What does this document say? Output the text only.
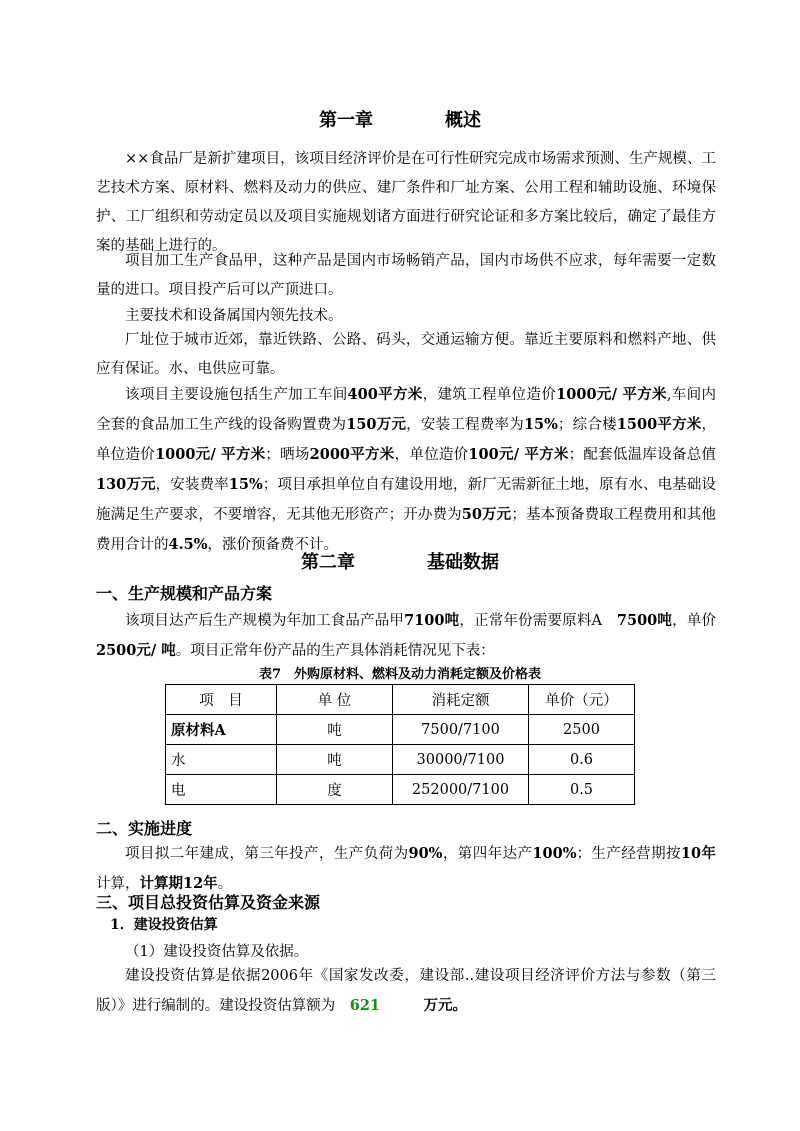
第一章　　　　	概述
××食品厂是新扩建项目，该项目经济评价是在可行性研究完成市场需求预测、生产规模、工艺技术方案、原材料、燃料及动力的供应、建厂条件和厂址方案、公用工程和辅助设施、环境保护、工厂组织和劳动定员以及项目实施规划诸方面进行研究论证和多方案比较后，确定了最佳方案的基础上进行的。
项目加工生产食品甲，这种产品是国内市场畅销产品，国内市场供不应求，每年需要一定数量的进口。项目投产后可以产顶进口。
主要技术和设备属国内领先技术。
厂址位于城市近郊，靠近铁路、公路、码头，交通运输方便。靠近主要原料和燃料产地、供应有保证。水、电供应可靠。
该项目主要设施包括生产加工车间400平方米，建筑工程单位造价1000元/ 平方米,车间内全套的食品加工生产线的设备购置费为150万元，安装工程费率为15%；综合楼1500平方米，单位造价1000元/ 平方米；晒场2000平方米，单位造价100元/ 平方米；配套低温库设备总值130万元，安装费率15%；项目承担单位自有建设用地，新厂无需新征土地，原有水、电基础设施满足生产要求，不要增容，无其他无形资产；开办费为50万元；基本预备费取工程费用和其他费用合计的4.5%，涨价预备费不计。
第二章　　　　	基础数据
一、生产规模和产品方案
该项目达产后生产规模为年加工食品产品甲7100吨，正常年份需要原料A　7500吨，单价2500元/ 吨。项目正常年份产品的生产具体消耗情况见下表：
表7　外购原材料、燃料及动力消耗定额及价格表
项　目	单 位	消耗定额	单价（元）
原材料A	吨	7500/7100	2500
水	吨	30000/7100	0.6
电	度	252000/7100	0.5
二、实施进度
项目拟二年建成，第三年投产，生产负荷为90%，第四年达产100%；生产经营期按10年计算，计算期12年。
三、项目总投资估算及资金来源
1．建设投资估算
（1）建设投资估算及依据。
建设投资估算是依据2006年《国家发改委，建设部..建设项目经济评价方法与参数（第三版）》进行编制的。建设投资估算额为　 621　　　	万元。
